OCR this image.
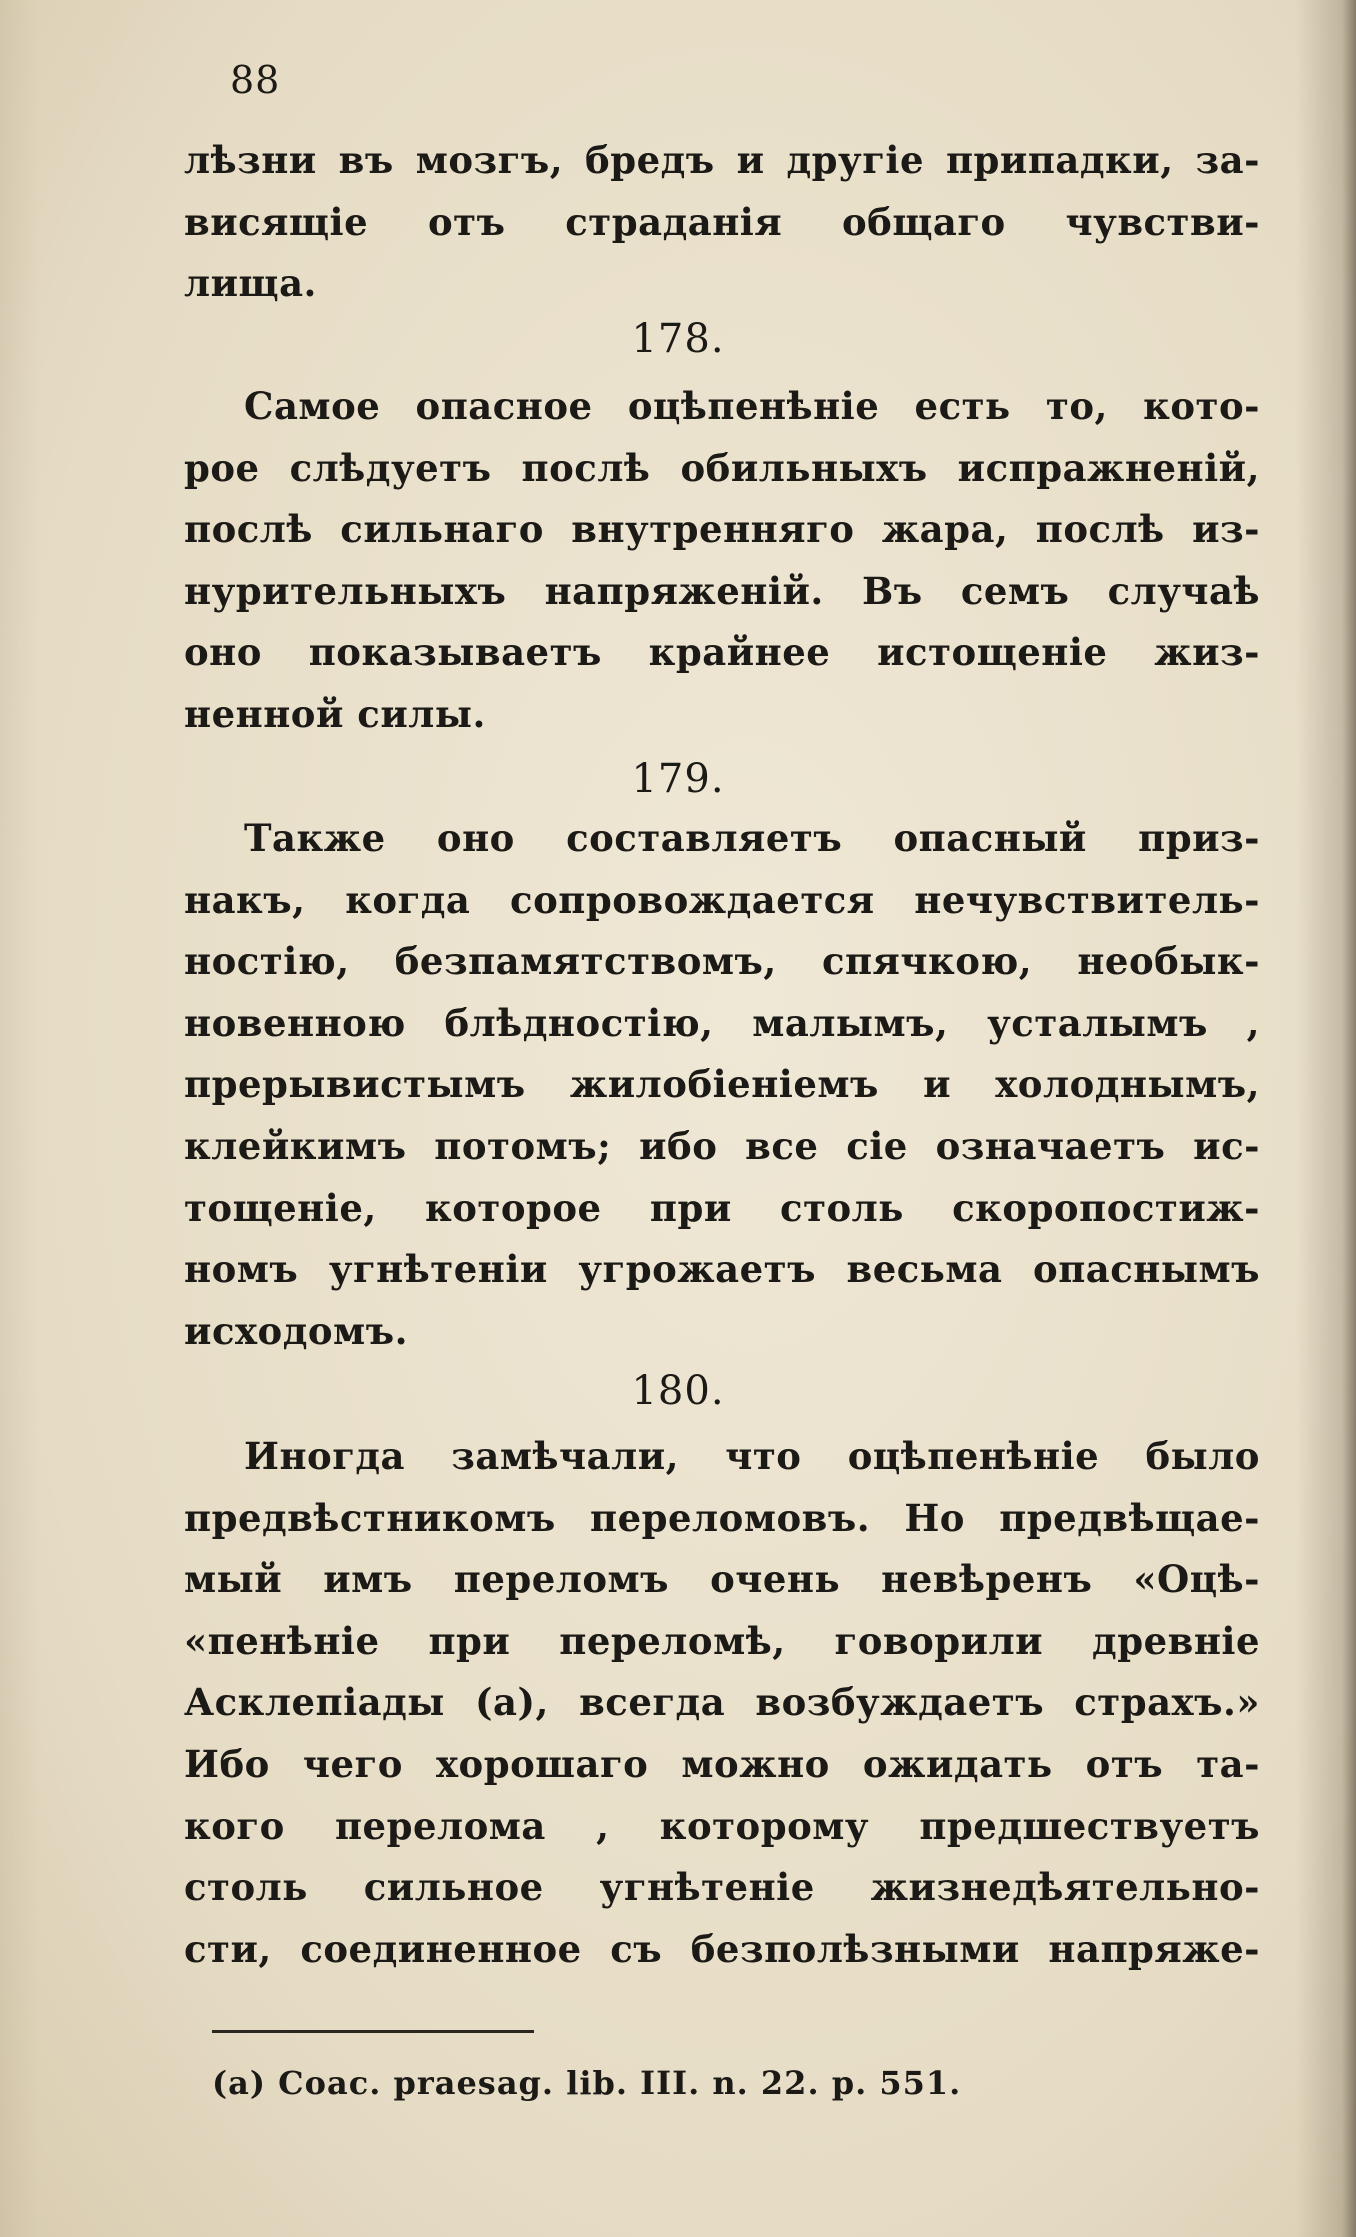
88
лѣзни въ мозгъ, бредъ и другіе припадки, за-
висящіе отъ страданія общаго чувстви-
лища.
178.
Самое опасное оцѣпенѣніе есть то, кото-
рое слѣдуетъ послѣ обильныхъ испражненій,
послѣ сильнаго внутренняго жара, послѣ из-
нурительныхъ напряженій. Въ семъ случаѣ
оно показываетъ крайнее истощеніе жиз-
ненной силы.
179.
Также оно составляетъ опасный приз-
накъ, когда сопровождается нечувствитель-
ностію, безпамятствомъ, спячкою, необык-
новенною блѣдностію, малымъ, усталымъ ,
прерывистымъ жилобіеніемъ и холоднымъ,
клейкимъ потомъ; ибо все сіе означаетъ ис-
тощеніе, которое при столь скоропостиж-
номъ угнѣтеніи угрожаетъ весьма опаснымъ
исходомъ.
180.
Иногда замѣчали, что оцѣпенѣніе было
предвѣстникомъ переломовъ. Но предвѣщае-
мый имъ переломъ очень невѣренъ «Оцѣ-
«пенѣніе при переломѣ, говорили древніе
Асклепіады (а), всегда возбуждаетъ страхъ.»
Ибо чего хорошаго можно ожидать отъ та-
кого перелома , которому предшествуетъ
столь сильное угнѣтеніе жизнедѣятельно-
сти, соединенное съ безполѣзными напряже-
(а) Coac. praesag. lib. III. n. 22. p. 551.
